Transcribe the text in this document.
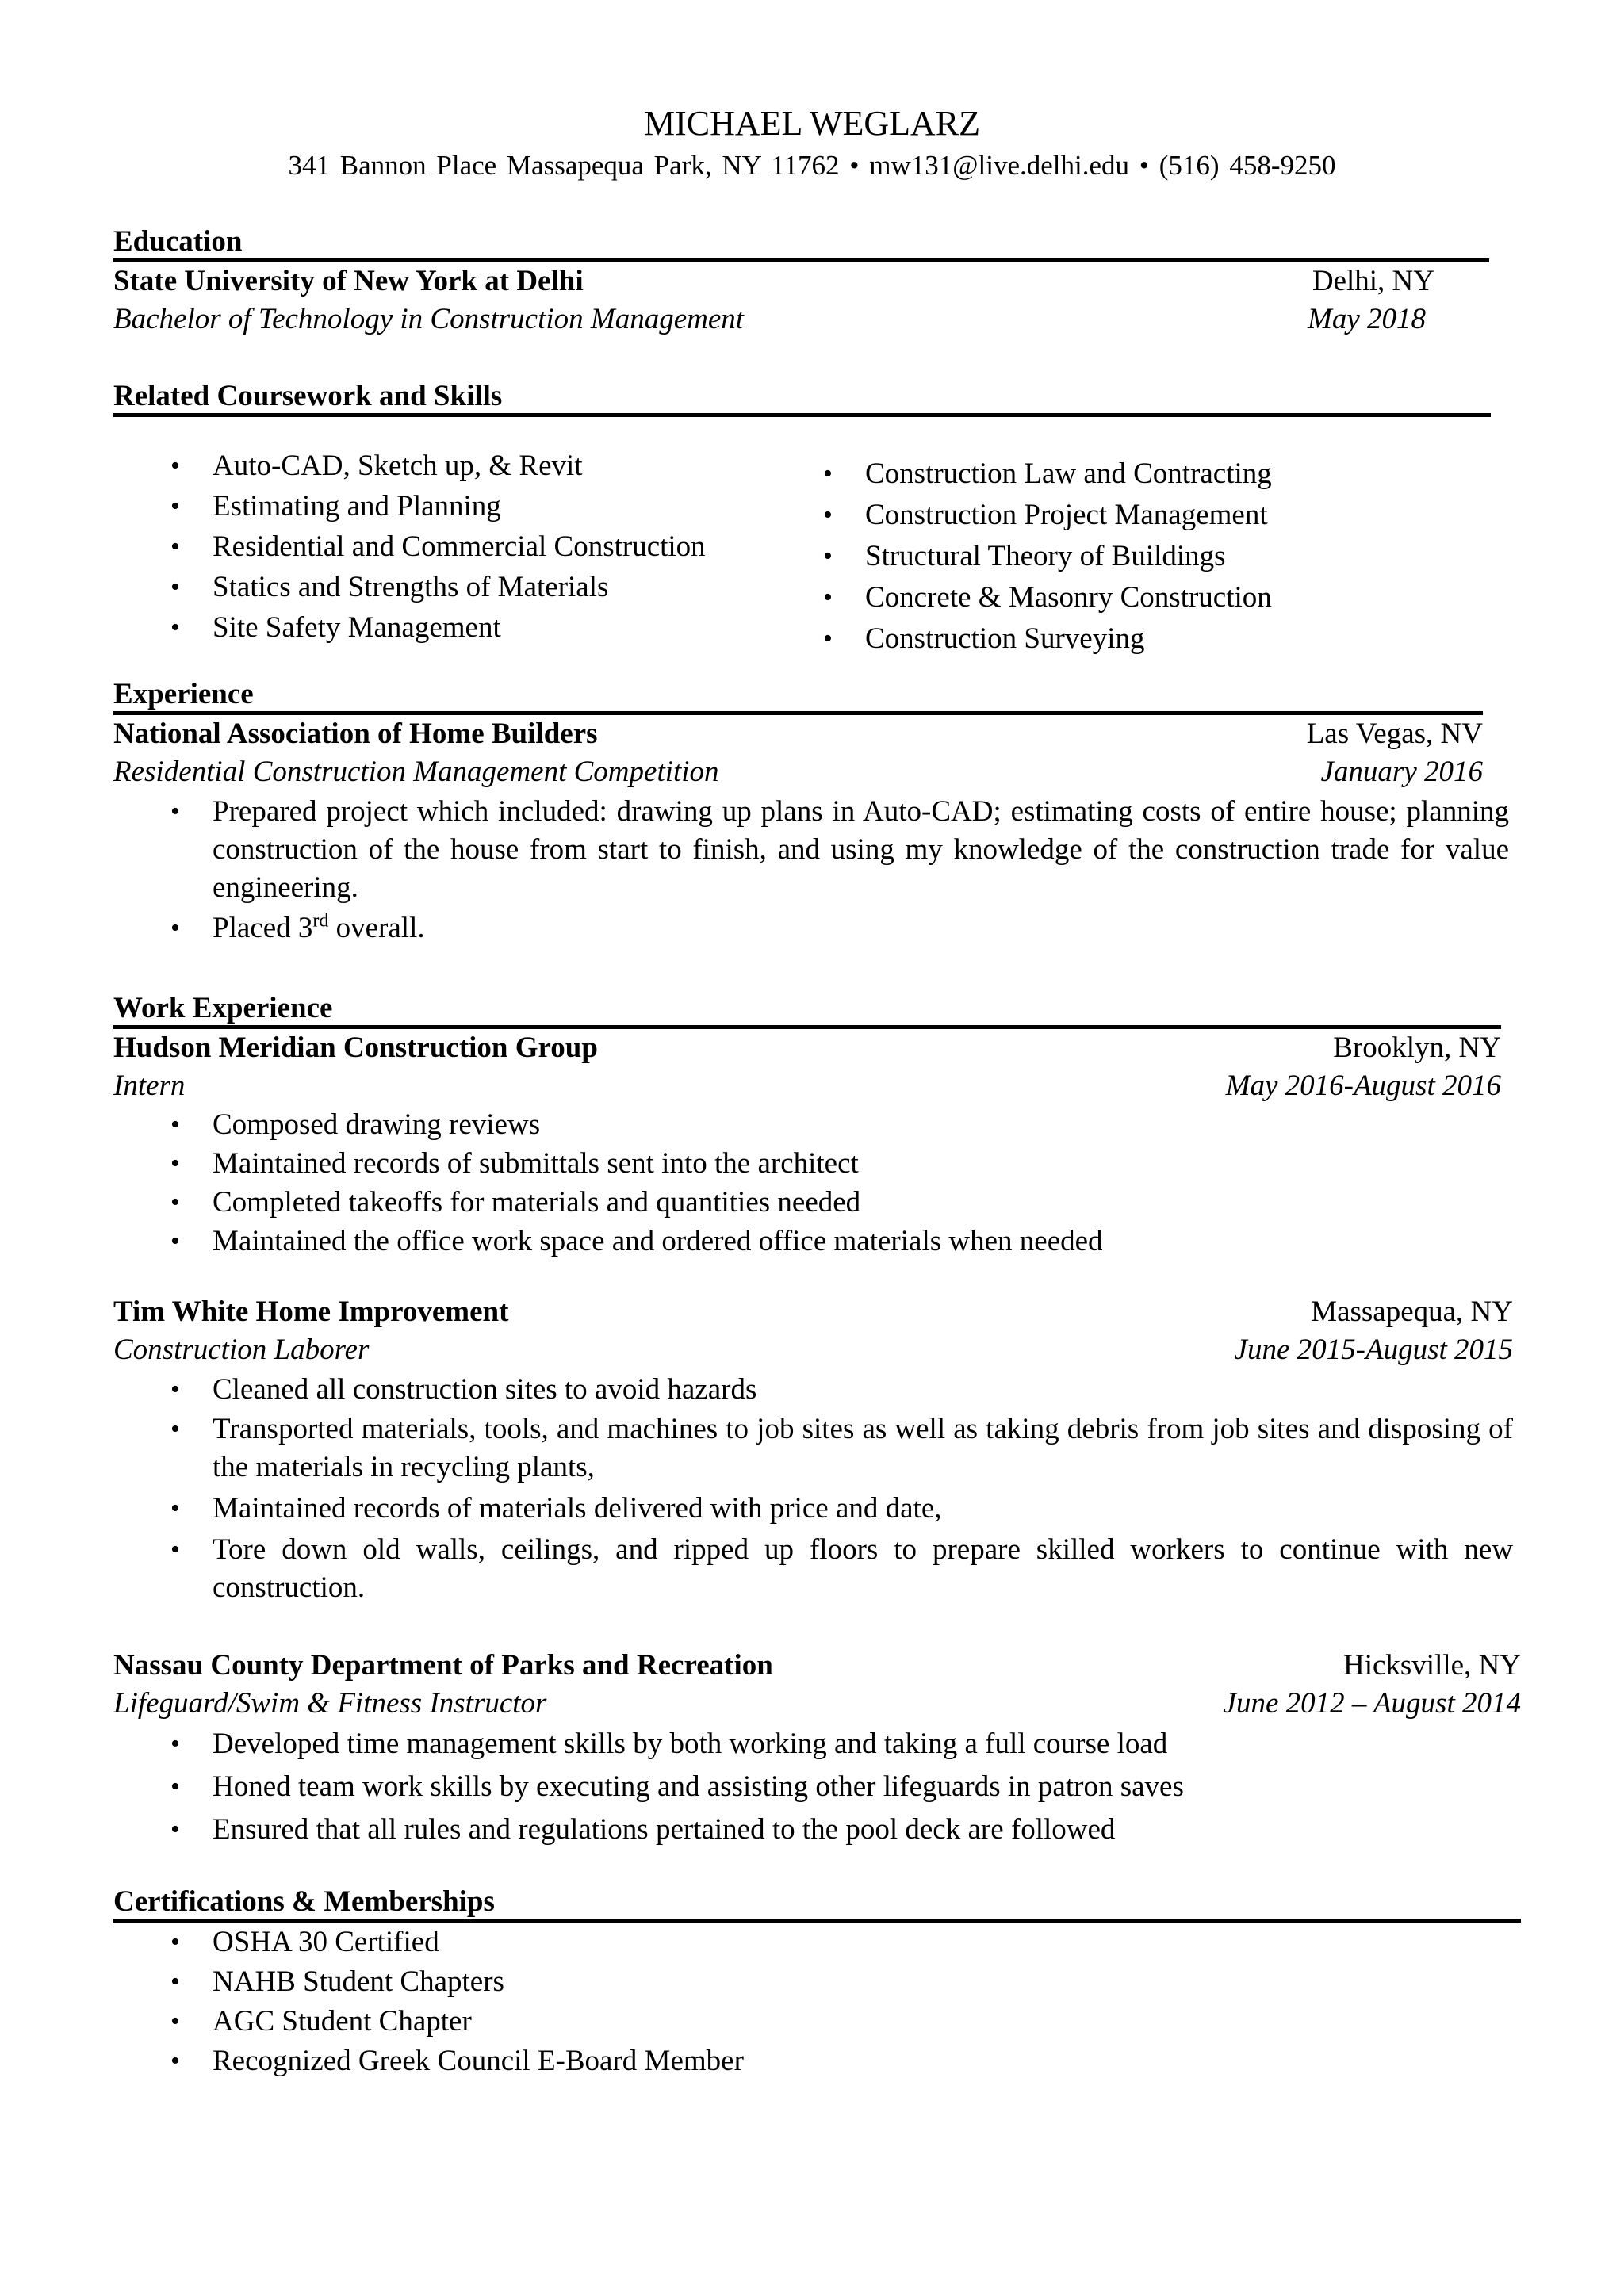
MICHAEL WEGLARZ
341 Bannon Place Massapequa Park, NY 11762 • mw131@live.delhi.edu • (516) 458-9250
Education
State University of New York at Delhi	Delhi, NY
Bachelor of Technology in Construction Management	May 2018
Related Coursework and Skills
• Auto-CAD, Sketch up, & Revit
• Estimating and Planning
• Residential and Commercial Construction
• Statics and Strengths of Materials
• Site Safety Management
• Construction Law and Contracting
• Construction Project Management
• Structural Theory of Buildings
• Concrete & Masonry Construction
• Construction Surveying
Experience
National Association of Home Builders	Las Vegas, NV
Residential Construction Management Competition	January 2016
• Prepared project which included: drawing up plans in Auto-CAD; estimating costs of entire house; planning construction of the house from start to finish, and using my knowledge of the construction trade for value engineering.
• Placed 3rd overall.
Work Experience
Hudson Meridian Construction Group	Brooklyn, NY
Intern	May 2016-August 2016
• Composed drawing reviews
• Maintained records of submittals sent into the architect
• Completed takeoffs for materials and quantities needed
• Maintained the office work space and ordered office materials when needed
Tim White Home Improvement	Massapequa, NY
Construction Laborer	June 2015-August 2015
• Cleaned all construction sites to avoid hazards
• Transported materials, tools, and machines to job sites as well as taking debris from job sites and disposing of the materials in recycling plants,
• Maintained records of materials delivered with price and date,
• Tore down old walls, ceilings, and ripped up floors to prepare skilled workers to continue with new construction.
Nassau County Department of Parks and Recreation	Hicksville, NY
Lifeguard/Swim & Fitness Instructor	June 2012 – August 2014
• Developed time management skills by both working and taking a full course load
• Honed team work skills by executing and assisting other lifeguards in patron saves
• Ensured that all rules and regulations pertained to the pool deck are followed
Certifications & Memberships
• OSHA 30 Certified
• NAHB Student Chapters
• AGC Student Chapter
• Recognized Greek Council E-Board Member
